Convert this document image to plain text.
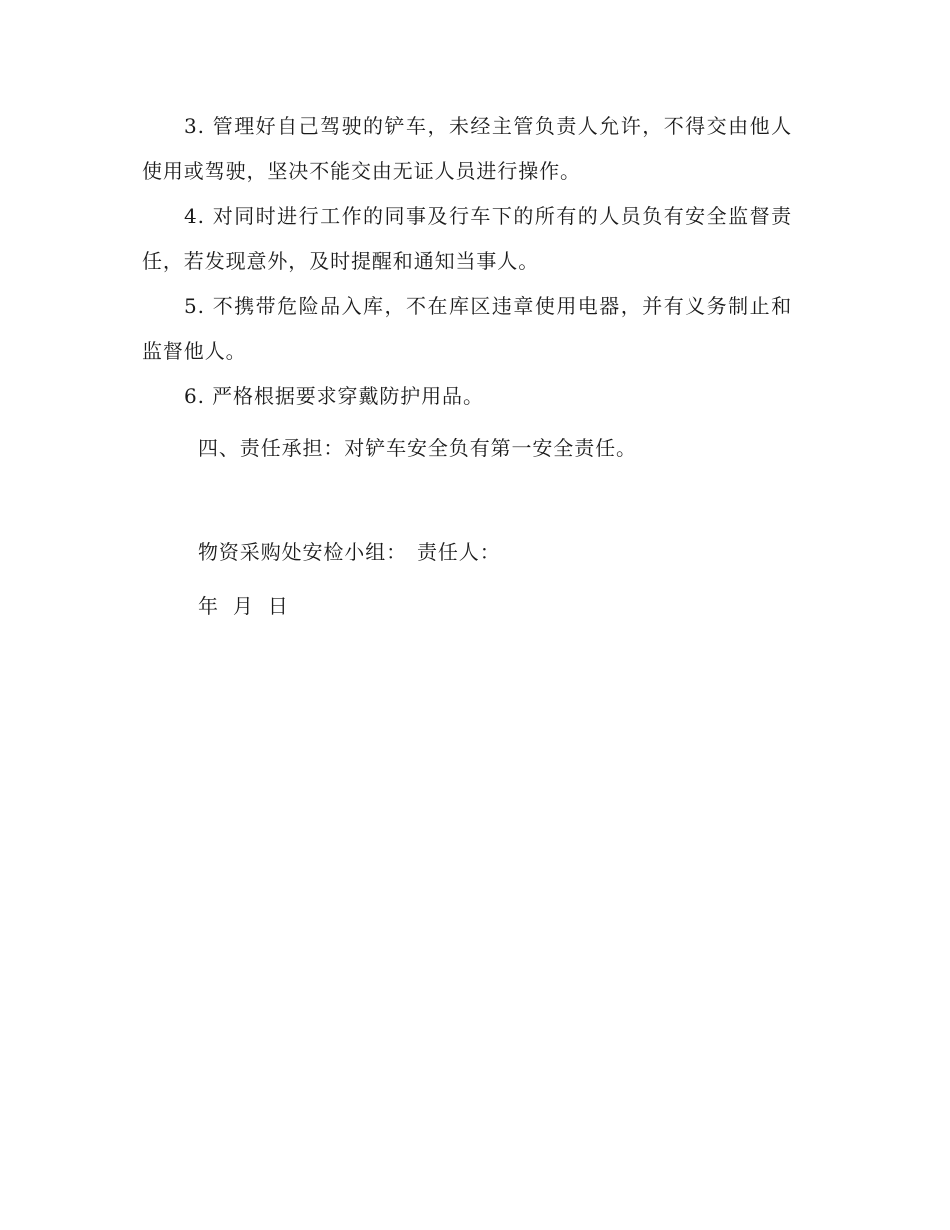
3. 管理好自己驾驶的铲车，未经主管负责人允许，不得交由他人使用或驾驶，坚决不能交由无证人员进行操作。

4. 对同时进行工作的同事及行车下的所有的人员负有安全监督责任，若发现意外，及时提醒和通知当事人。

5. 不携带危险品入库，不在库区违章使用电器，并有义务制止和监督他人。

6. 严格根据要求穿戴防护用品。

四、责任承担：对铲车安全负有第一安全责任。

物资采购处安检小组： 责任人：

年 月 日
